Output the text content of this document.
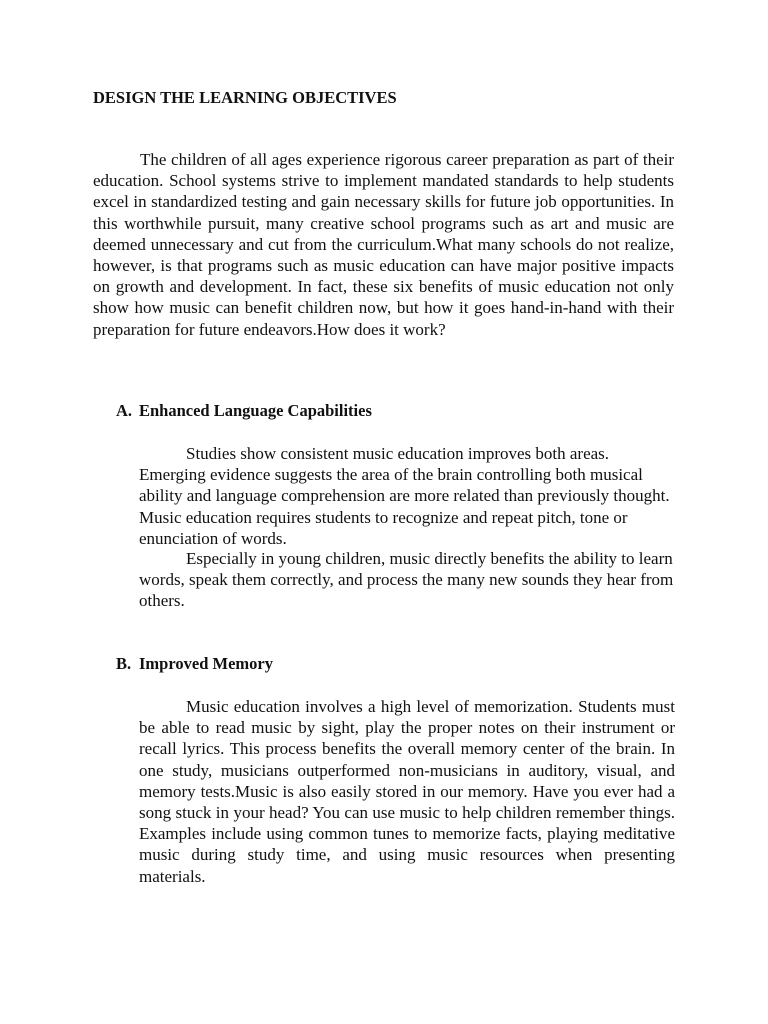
DESIGN THE LEARNING OBJECTIVES

The children of all ages experience rigorous career preparation as part of their education. School systems strive to implement mandated standards to help students excel in standardized testing and gain necessary skills for future job opportunities. In this worthwhile pursuit, many creative school programs such as art and music are deemed unnecessary and cut from the curriculum.What many schools do not realize, however, is that programs such as music education can have major positive impacts on growth and development. In fact, these six benefits of music education not only show how music can benefit children now, but how it goes hand-in-hand with their preparation for future endeavors.How does it work?

A. Enhanced Language Capabilities

Studies show consistent music education improves both areas. Emerging evidence suggests the area of the brain controlling both musical ability and language comprehension are more related than previously thought. Music education requires students to recognize and repeat pitch, tone or enunciation of words.

Especially in young children, music directly benefits the ability to learn words, speak them correctly, and process the many new sounds they hear from others.

B. Improved Memory

Music education involves a high level of memorization. Students must be able to read music by sight, play the proper notes on their instrument or recall lyrics. This process benefits the overall memory center of the brain. In one study, musicians outperformed non-musicians in auditory, visual, and memory tests.Music is also easily stored in our memory. Have you ever had a song stuck in your head? You can use music to help children remember things. Examples include using common tunes to memorize facts, playing meditative music during study time, and using music resources when presenting materials.
